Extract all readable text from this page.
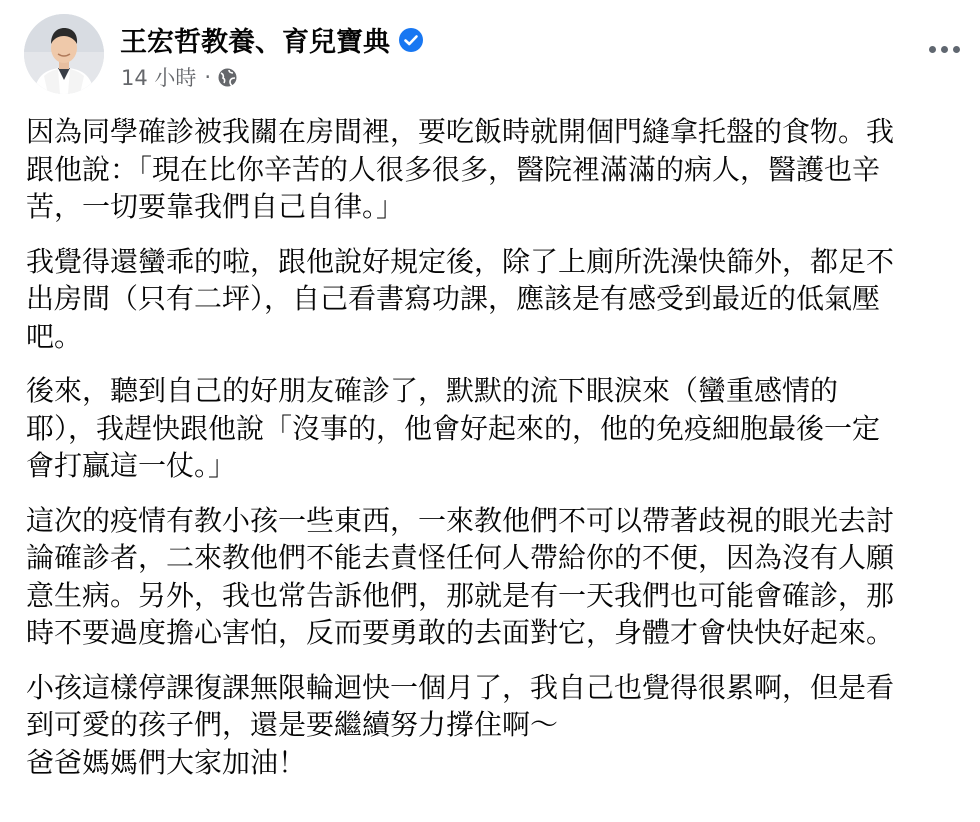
王宏哲教養、育兒寶典
14 小時 ·

因為同學確診被我關在房間裡，要吃飯時就開個門縫拿托盤的食物。我
跟他說：「現在比你辛苦的人很多很多，醫院裡滿滿的病人，醫護也辛
苦，一切要靠我們自己自律。」

我覺得還蠻乖的啦，跟他說好規定後，除了上廁所洗澡快篩外，都足不
出房間（只有二坪），自己看書寫功課，應該是有感受到最近的低氣壓
吧。

後來，聽到自己的好朋友確診了，默默的流下眼淚來（蠻重感情的
耶），我趕快跟他說「沒事的，他會好起來的，他的免疫細胞最後一定
會打贏這一仗。」

這次的疫情有教小孩一些東西，一來教他們不可以帶著歧視的眼光去討
論確診者，二來教他們不能去責怪任何人帶給你的不便，因為沒有人願
意生病。另外，我也常告訴他們，那就是有一天我們也可能會確診，那
時不要過度擔心害怕，反而要勇敢的去面對它，身體才會快快好起來。

小孩這樣停課復課無限輪迴快一個月了，我自己也覺得很累啊，但是看
到可愛的孩子們，還是要繼續努力撐住啊～
爸爸媽媽們大家加油！
